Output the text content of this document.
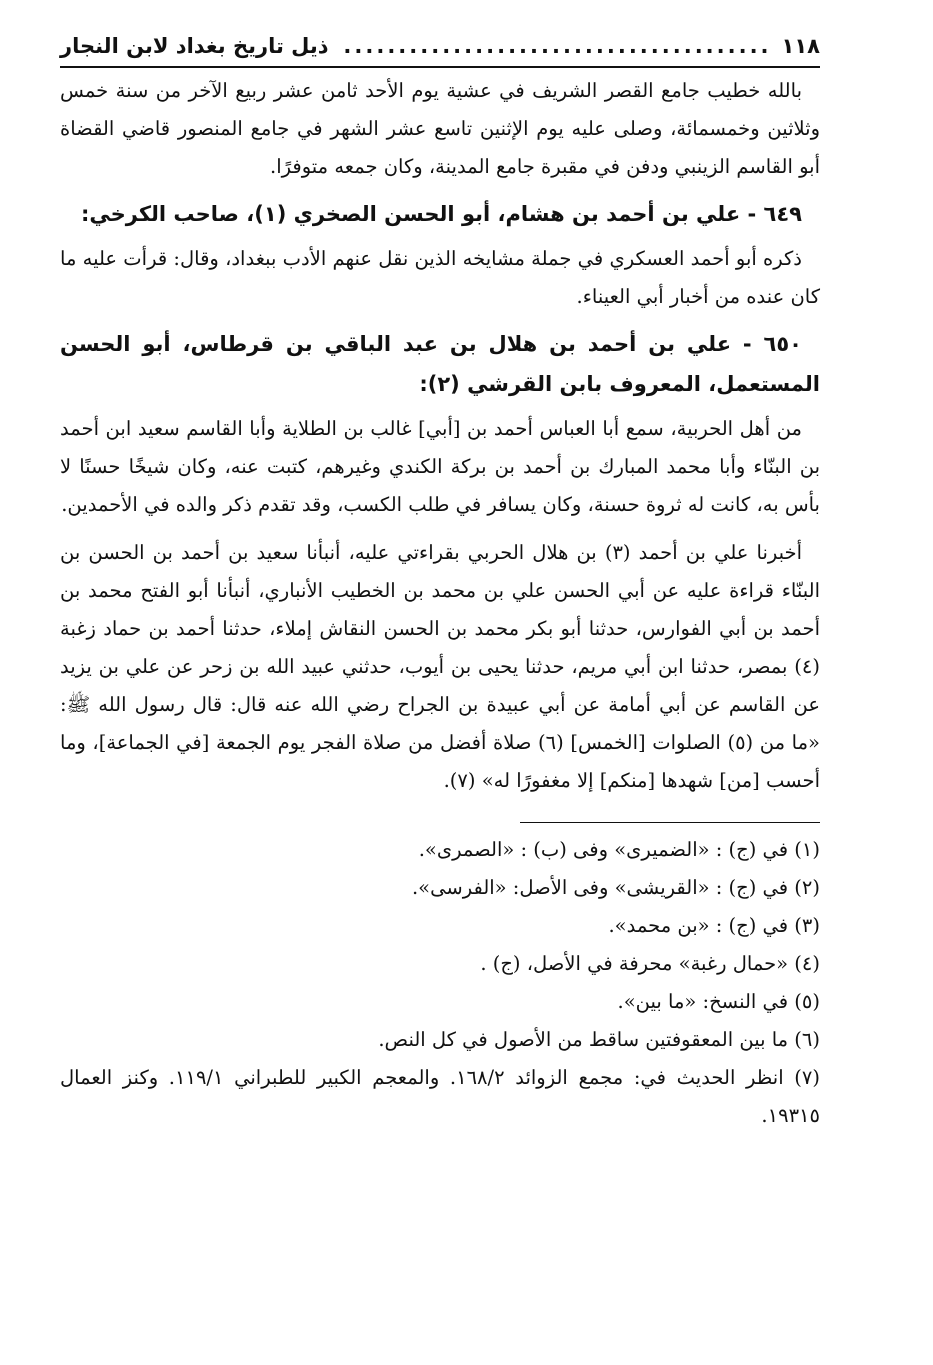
١١٨
.....
ذيل تاريخ بغداد لابن النجار

بالله خطيب جامع القصر الشريف في عشية يوم الأحد ثامن عشر ربيع الآخر من سنة خمس وثلاثين وخمسمائة، وصلى عليه يوم الإثنين تاسع عشر الشهر في جامع المنصور قاضي القضاة أبو القاسم الزينبي ودفن في مقبرة جامع المدينة، وكان جمعه متوفرًا.

٦٤٩ - علي بن أحمد بن هشام، أبو الحسن الصخري (١)، صاحب الكرخي:

ذكره أبو أحمد العسكري في جملة مشايخه الذين نقل عنهم الأدب ببغداد، وقال: قرأت عليه ما كان عنده من أخبار أبي العيناء.

٦٥٠ - علي بن أحمد بن هلال بن عبد الباقي بن قرطاس، أبو الحسن المستعمل، المعروف بابن القرشي (٢):

من أهل الحربية، سمع أبا العباس أحمد بن [أبي] غالب بن الطلاية وأبا القاسم سعيد ابن أحمد بن البنّاء وأبا محمد المبارك بن أحمد بن بركة الكندي وغيرهم، كتبت عنه، وكان شيخًا حسنًا لا بأس به، كانت له ثروة حسنة، وكان يسافر في طلب الكسب، وقد تقدم ذكر والده في الأحمدين.

أخبرنا علي بن أحمد (٣) بن هلال الحربي بقراءتي عليه، أنبأنا سعيد بن أحمد بن الحسن بن البنّاء قراءة عليه عن أبي الحسن علي بن محمد بن الخطيب الأنباري، أنبأنا أبو الفتح محمد بن أحمد بن أبي الفوارس، حدثنا أبو بكر محمد بن الحسن النقاش إملاء، حدثنا أحمد بن حماد زغبة (٤) بمصر، حدثنا ابن أبي مريم، حدثنا يحيى بن أيوب، حدثني عبيد الله بن زحر عن علي بن يزيد عن القاسم عن أبي أمامة عن أبي عبيدة بن الجراح رضي الله عنه قال: قال رسول الله ﷺ: «ما من (٥) الصلوات [الخمس] (٦) صلاة أفضل من صلاة الفجر يوم الجمعة [في الجماعة]، وما أحسب [من] شهدها [منكم] إلا مغفورًا له» (٧).

(١) في (ج) : «الضميرى» وفى (ب) : «الصمرى».

(٢) في (ج) : «القريشى» وفى الأصل: «الفرسى».

(٣) في (ج) : «بن محمد».

(٤) «حمال رغبة» محرفة في الأصل، (ج) .

(٥) في النسخ: «ما بين».

(٦) ما بين المعقوفتين ساقط من الأصول في كل النص.

(٧) انظر الحديث في: مجمع الزوائد ١٦٨/٢. والمعجم الكبير للطبراني ١١٩/١. وكنز العمال ١٩٣١٥.
